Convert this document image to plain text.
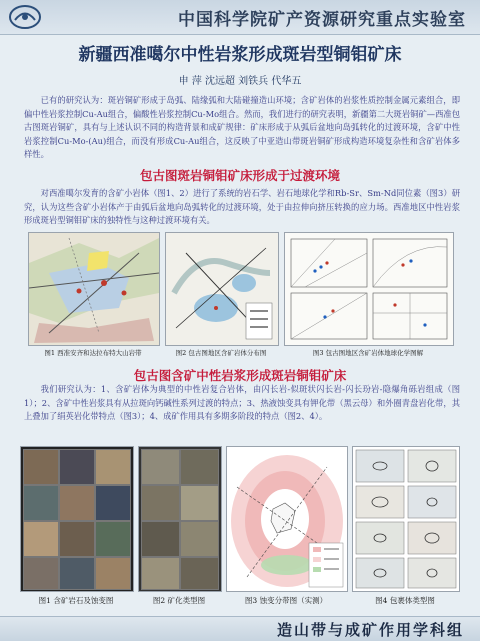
中国科学院矿产资源研究重点实验室
新疆西准噶尔中性岩浆形成斑岩型铜钼矿床
申 萍 沈远超 刘铁兵 代华五
已有的研究认为：斑岩铜矿形成于岛弧、陆缘弧和大陆碰撞造山环境；含矿岩体的岩浆性质控制金属元素组合，即偏中性岩浆控制Cu-Au组合，偏酸性岩浆控制Cu-Mo组合。然而，我们进行的研究表明，新疆第二大斑岩铜矿—西准包古图斑岩铜矿，具有与上述认识不同的构造背景和成矿规律：矿床形成于从弧后盆地向岛弧转化的过渡环境，含矿中性岩浆控制Cu-Mo-(Au)组合，而没有形成Cu-Au组合，这反映了中亚造山带斑岩铜矿形成构造环境复杂性和含矿岩体多样性。
包古图斑岩铜钼矿床形成于过渡环境
对西准噶尔发育的含矿小岩体（图1、2）进行了系统的岩石学、岩石地球化学和Rb-Sr、Sm-Nd同位素（图3）研究，认为这些含矿小岩体产于由弧后盆地向岛弧转化的过渡环境，处于由拉伸向挤压转换的应力场。西准地区中性岩浆形成斑岩型铜钼矿床的独特性与这种过渡环境有关。
图1 西准安齐和达拉布特大山岩带	图2 包古图地区含矿岩体分布图	图3 包古图地区含矿岩体地球化学图解
包古图含矿中性岩浆形成斑岩铜钼矿床
我们研究认为：1、含矿岩体为典型的中性岩复合岩体，由闪长岩-似斑状闪长岩-闪长玢岩-隐爆角砾岩组成（图1）；2、含矿中性岩浆具有从拉斑向钙碱性系列过渡的特点；3、热液蚀变具有钾化带（黑云母）和外圈青盘岩化带，其上叠加了绢英岩化带特点（图3）；4、成矿作用具有多期多阶段的特点（图2、4）。
图1 含矿岩石及蚀变图	图2 矿化类型图	图3 蚀变分带图（实测）	图4 包裹体类型图
造山带与成矿作用学科组
